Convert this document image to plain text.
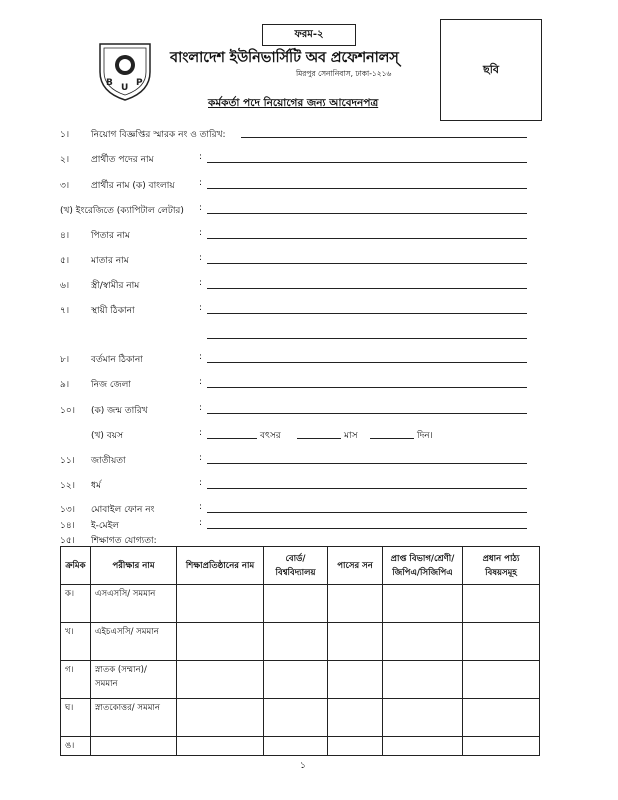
ফরম-২
B U P
বাংলাদেশ ইউনিভার্সিটি অব প্রফেশনালস্
মিরপুর সেনানিবাস, ঢাকা-১২১৬
কর্মকর্তা পদে নিয়োগের জন্য আবেদনপত্র
ছবি
১। নিয়োগ বিজ্ঞপ্তির স্মারক নং ও তারিখ:
২। প্রার্থীত পদের নাম	:
৩। প্রার্থীর নাম (ক) বাংলায়	:
(খ) ইংরেজিতে (ক্যাপিটাল লেটার) :
৪। পিতার নাম	:
৫। মাতার নাম	:
৬। স্ত্রী/স্বামীর নাম	:
৭। স্থায়ী ঠিকানা	:
৮। বর্তমান ঠিকানা	:
৯। নিজ জেলা	:
১০। (ক) জন্ম তারিখ	:
(খ) বয়স	:	বৎসর	মাস	দিন।
১১। জাতীয়তা	:
১২। ধর্ম	:
১৩। মোবাইল ফোন নং	:
১৪। ই-মেইল	:
১৫। শিক্ষাগত যোগ্যতা:
ক্রমিক	পরীক্ষার নাম	শিক্ষাপ্রতিষ্ঠানের নাম	বোর্ড/ বিশ্ববিদ্যালয়	পাসের সন	প্রাপ্ত বিভাগ/শ্রেণী/ জিপিএ/সিজিপিএ	প্রধান পাঠ্য বিষয়সমূহ
ক।	এসএসসি/ সমমান					
খ।	এইচএসসি/ সমমান					
গ।	স্নাতক (সম্মান)/ সমমান					
ঘ।	স্নাতকোত্তর/ সমমান					
ঙ।						
১
